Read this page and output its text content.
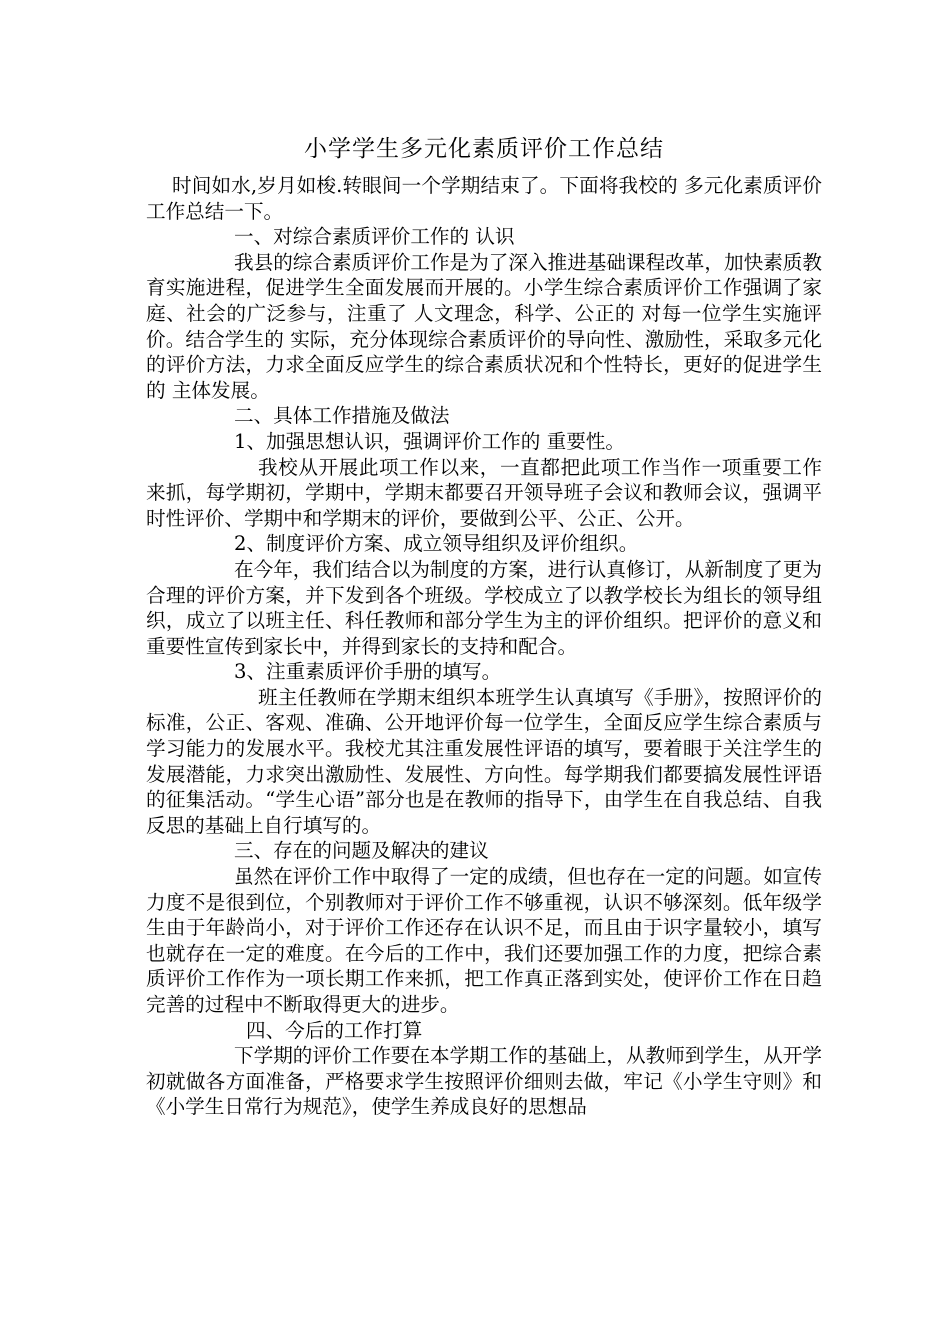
小学学生多元化素质评价工作总结

时间如水,岁月如梭.转眼间一个学期结束了。下面将我校的 多元化素质评价工作总结一下。

一、对综合素质评价工作的 认识

我县的综合素质评价工作是为了深入推进基础课程改革，加快素质教育实施进程，促进学生全面发展而开展的。小学生综合素质评价工作强调了家庭、社会的广泛参与，注重了 人文理念，科学、公正的 对每一位学生实施评价。结合学生的 实际，充分体现综合素质评价的导向性、激励性，采取多元化的评价方法，力求全面反应学生的综合素质状况和个性特长，更好的促进学生的 主体发展。

二、具体工作措施及做法

1、加强思想认识，强调评价工作的 重要性。

我校从开展此项工作以来，一直都把此项工作当作一项重要工作来抓，每学期初，学期中，学期末都要召开领导班子会议和教师会议，强调平时性评价、学期中和学期末的评价，要做到公平、公正、公开。

2、制度评价方案、成立领导组织及评价组织。

在今年，我们结合以为制度的方案，进行认真修订，从新制度了更为合理的评价方案，并下发到各个班级。学校成立了以教学校长为组长的领导组织，成立了以班主任、科任教师和部分学生为主的评价组织。把评价的意义和重要性宣传到家长中，并得到家长的支持和配合。

3、注重素质评价手册的填写。

班主任教师在学期末组织本班学生认真填写《手册》，按照评价的标准，公正、客观、准确、公开地评价每一位学生，全面反应学生综合素质与学习能力的发展水平。我校尤其注重发展性评语的填写，要着眼于关注学生的发展潜能，力求突出激励性、发展性、方向性。每学期我们都要搞发展性评语的征集活动。“学生心语”部分也是在教师的指导下，由学生在自我总结、自我反思的基础上自行填写的。

三、存在的问题及解决的建议

虽然在评价工作中取得了一定的成绩，但也存在一定的问题。如宣传力度不是很到位，个别教师对于评价工作不够重视，认识不够深刻。低年级学生由于年龄尚小，对于评价工作还存在认识不足，而且由于识字量较小，填写也就存在一定的难度。在今后的工作中，我们还要加强工作的力度，把综合素质评价工作作为一项长期工作来抓，把工作真正落到实处，使评价工作在日趋完善的过程中不断取得更大的进步。

四、今后的工作打算

下学期的评价工作要在本学期工作的基础上，从教师到学生，从开学初就做各方面准备，严格要求学生按照评价细则去做，牢记《小学生守则》和《小学生日常行为规范》，使学生养成良好的思想品
